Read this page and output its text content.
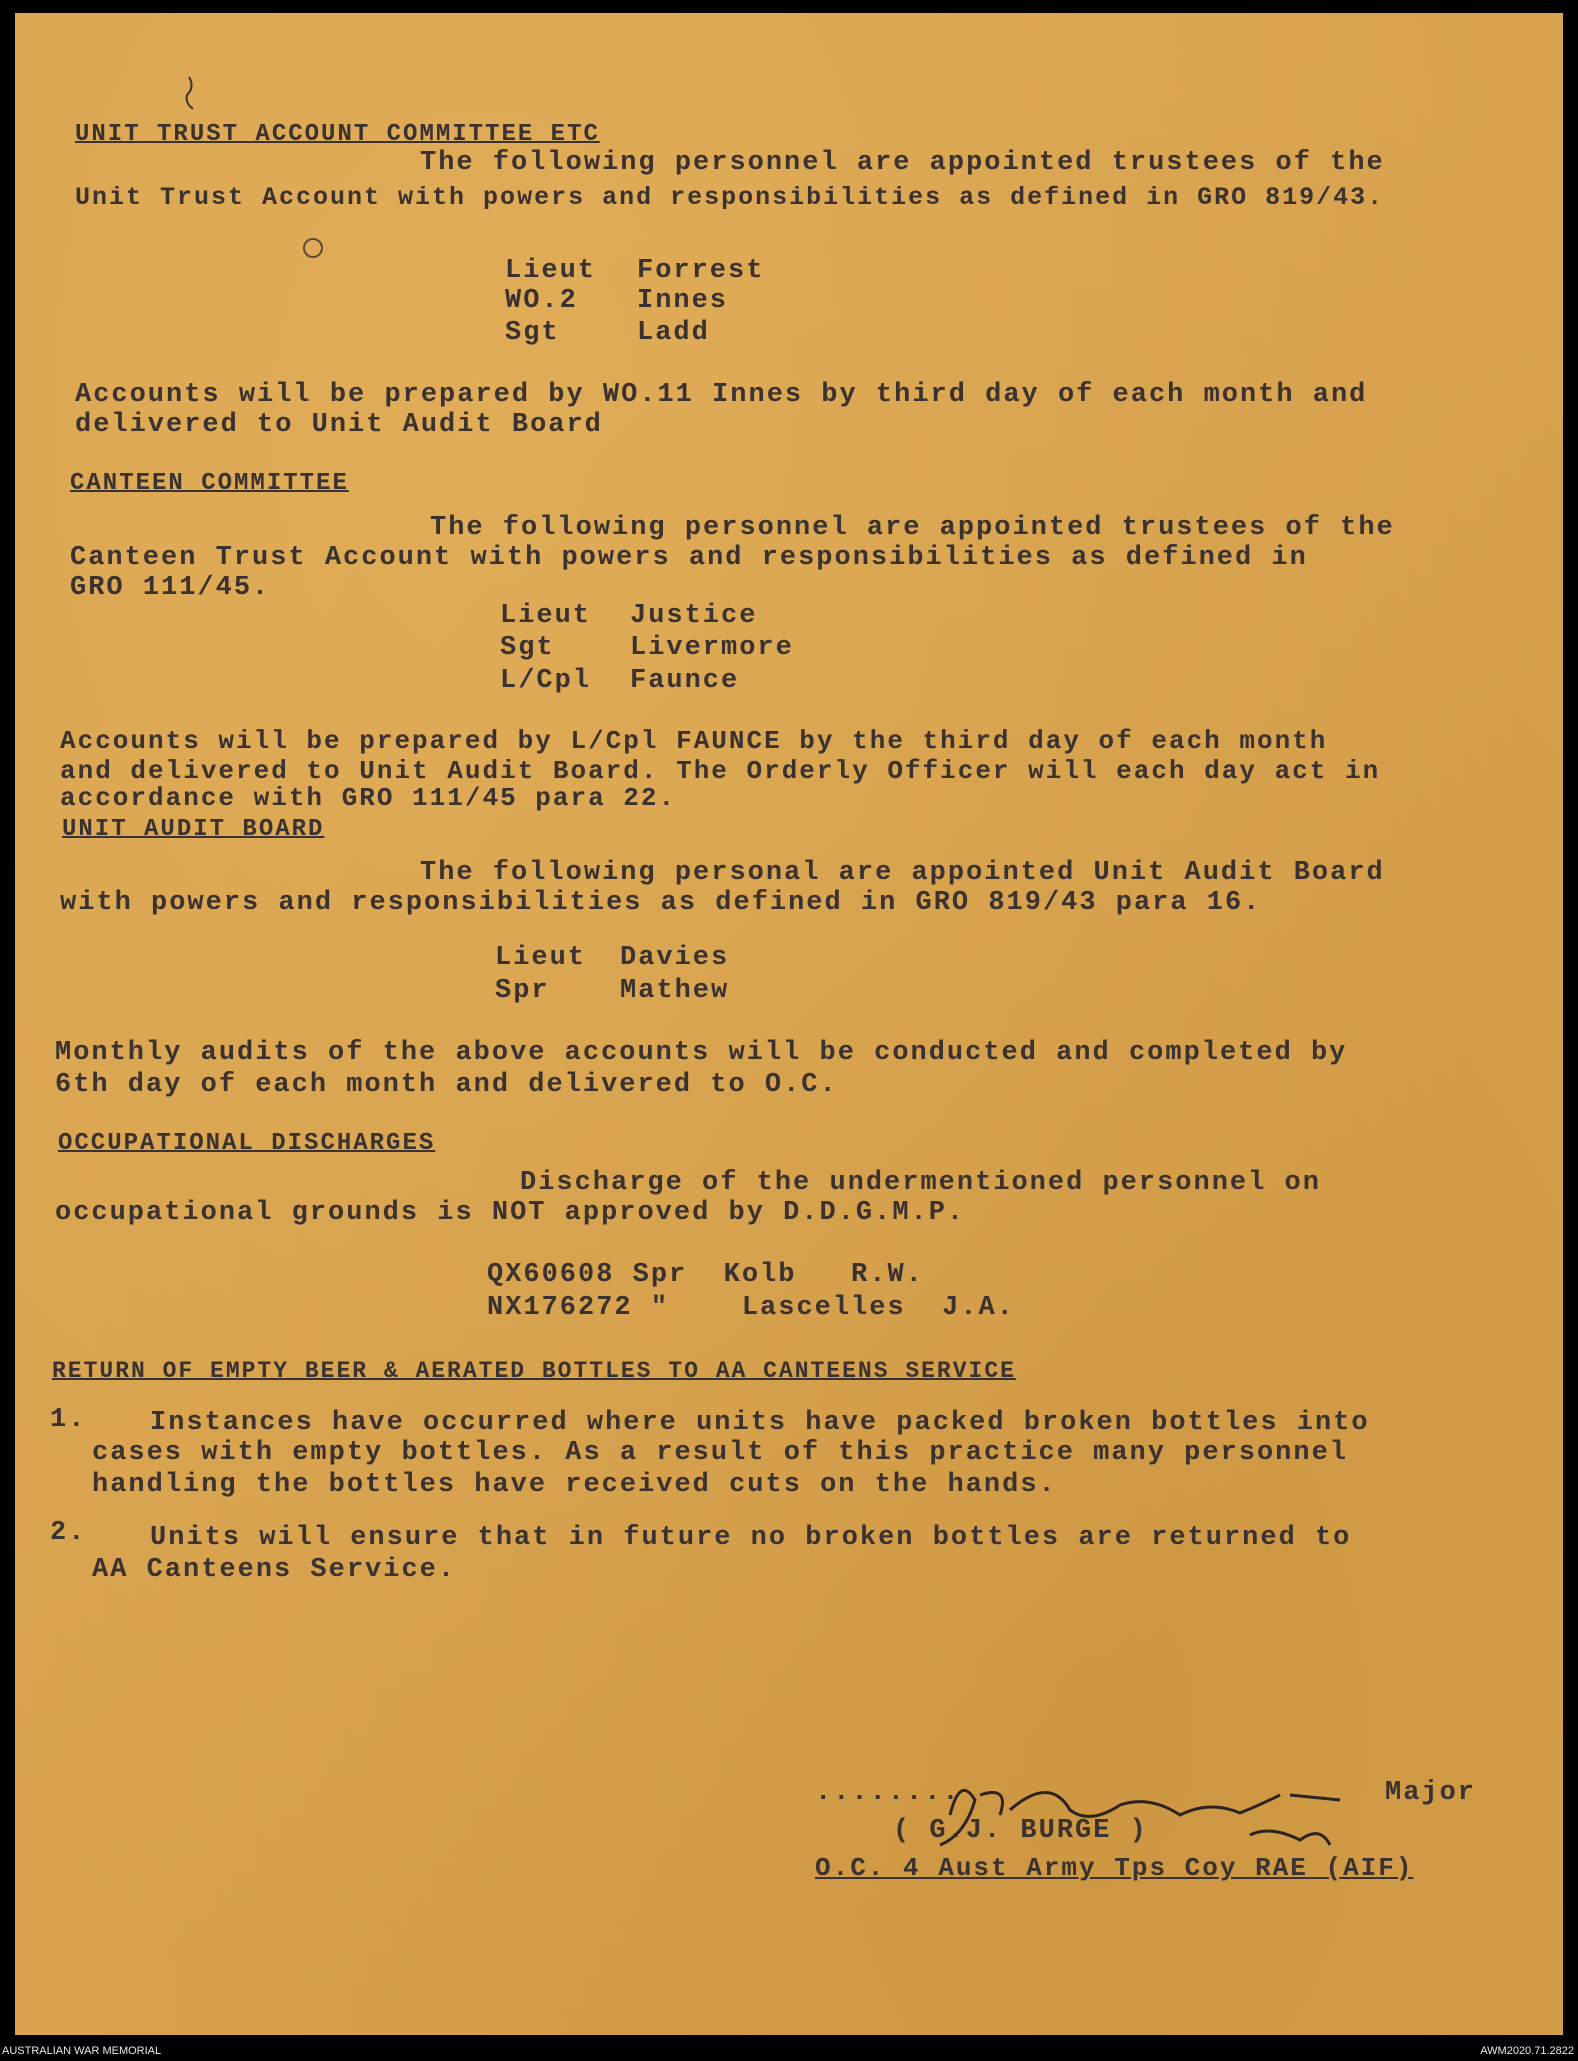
UNIT TRUST ACCOUNT COMMITTEE ETC
The following personnel are appointed trustees of the
Unit Trust Account with powers and responsibilities as defined in GRO 819/43.
Lieut Forrest
WO.2 Innes
Sgt	Ladd
Accounts will be prepared by WO.11 Innes by third day of each month and
delivered to Unit Audit Board
CANTEEN COMMITTEE
The following personnel are appointed trustees of the
Canteen Trust Account with powers and responsibilities as defined in
GRO 111/45.
Lieut Justice
Sgt	Livermore
L/Cpl Faunce
Accounts will be prepared by L/Cpl FAUNCE by the third day of each month
and delivered to Unit Audit Board. The Orderly Officer will each day act in
accordance with GRO 111/45 para 22.
UNIT AUDIT BOARD
The following personal are appointed Unit Audit Board
with powers and responsibilities as defined in GRO 819/43 para 16.
Lieut Davies
Spr	Mathew
Monthly audits of the above accounts will be conducted and completed by
6th day of each month and delivered to O.C.
OCCUPATIONAL DISCHARGES
Discharge of the undermentioned personnel on
occupational grounds is NOT approved by D.D.G.M.P.
QX60608 Spr  Kolb   R.W.
NX176272 "    Lascelles  J.A.
RETURN OF EMPTY BEER & AERATED BOTTLES TO AA CANTEENS SERVICE
1. Instances have occurred where units have packed broken bottles into
cases with empty bottles. As a result of this practice many personnel
handling the bottles have received cuts on the hands.
2. Units will ensure that in future no broken bottles are returned to
AA Canteens Service.
........	Major
( G.J. BURGE )
O.C. 4 Aust Army Tps Coy RAE (AIF)
AUSTRALIAN WAR MEMORIAL	AWM2020.71.2822
